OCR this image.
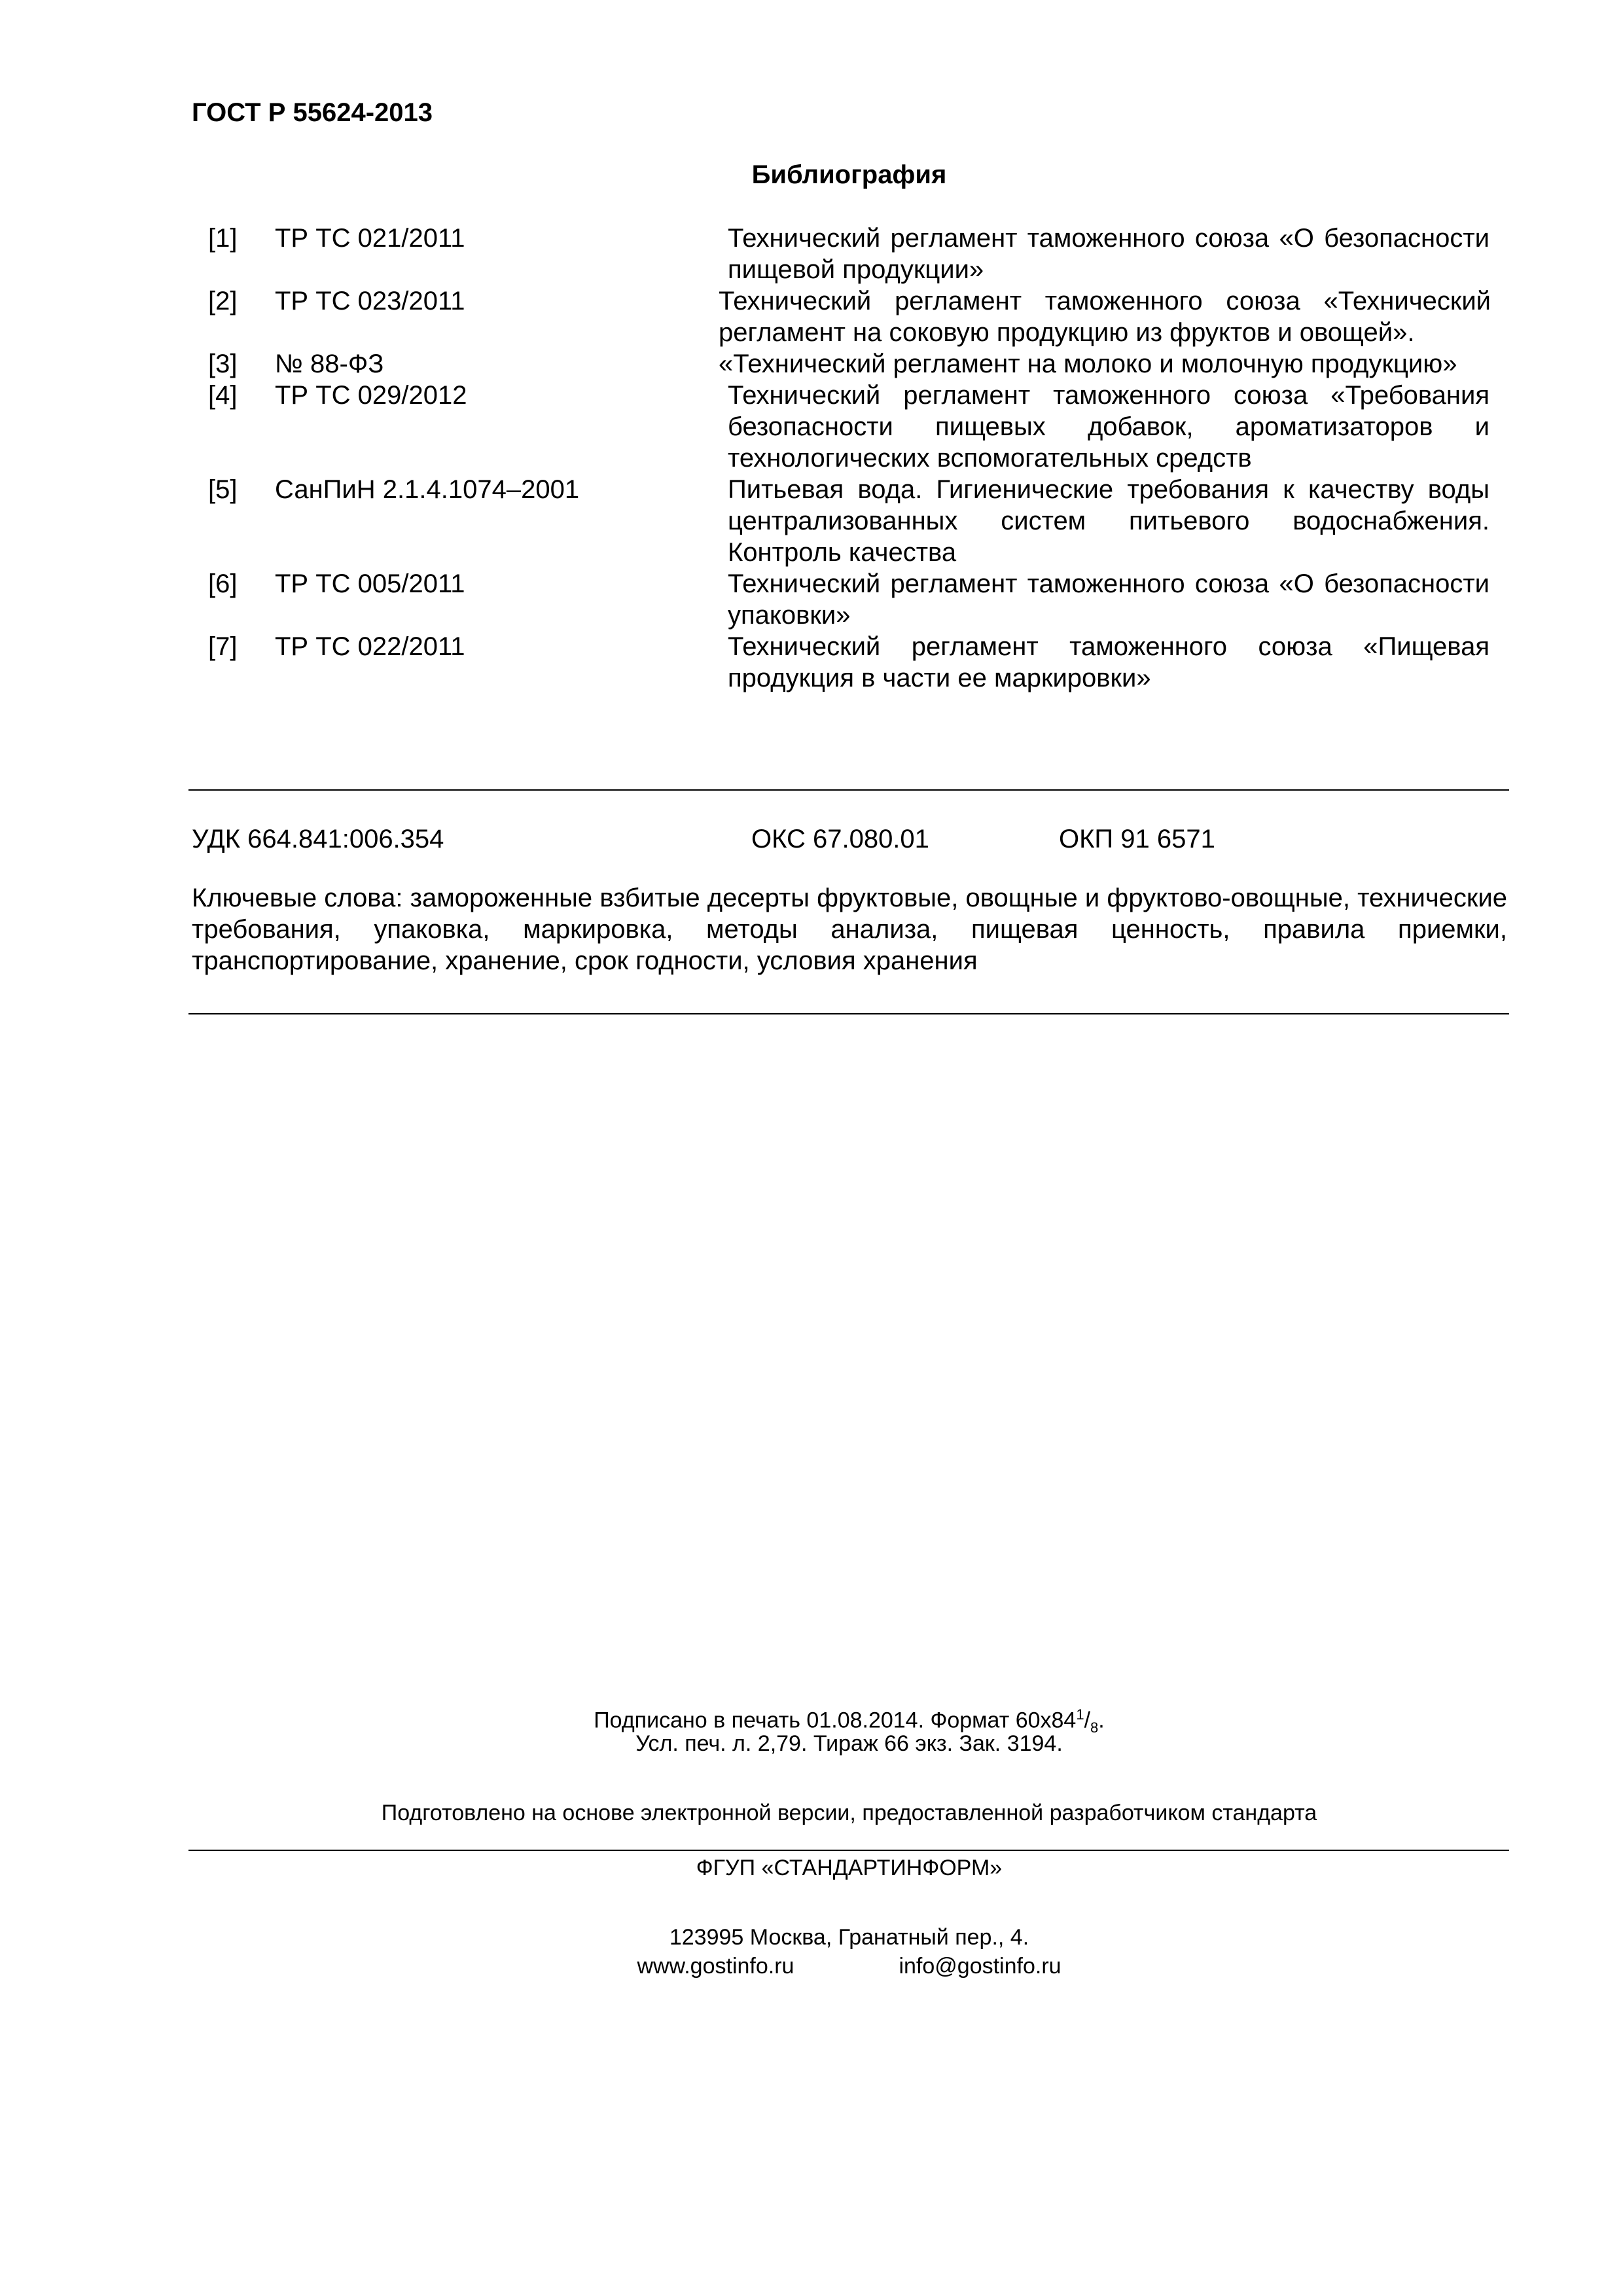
ГОСТ Р 55624-2013
Библиография
[1] ТР ТС 021/2011	Технический регламент таможенного союза «О безопасности пищевой продукции»
[2] ТР ТС 023/2011	Технический регламент таможенного союза «Технический регламент на соковую продукцию из фруктов и овощей».
[3] № 88-ФЗ	«Технический регламент на молоко и молочную продукцию»
[4] ТР ТС 029/2012	Технический регламент таможенного союза «Требования безопасности пищевых добавок, ароматизаторов и технологических вспомогательных средств
[5] СанПиН 2.1.4.1074–2001	Питьевая вода. Гигиенические требования к качеству воды централизованных систем питьевого водоснабжения. Контроль качества
[6] ТР ТС 005/2011	Технический регламент таможенного союза «О безопасности упаковки»
[7] ТР ТС 022/2011	Технический регламент таможенного союза «Пищевая продукция в части ее маркировки»
УДК 664.841:006.354	ОКС 67.080.01	ОКП 91 6571
Ключевые слова: замороженные взбитые десерты фруктовые, овощные и фруктово-овощные, технические требования, упаковка, маркировка, методы анализа, пищевая ценность, правила приемки, транспортирование, хранение, срок годности, условия хранения
Подписано в печать 01.08.2014. Формат $60х84^1/_8$.
Усл. печ. л. 2,79. Тираж 66 экз. Зак. 3194.
Подготовлено на основе электронной версии, предоставленной разработчиком стандарта
ФГУП «СТАНДАРТИНФОРМ»
123995 Москва, Гранатный пер., 4.
www.gostinfo.ru	info@gostinfo.ru
